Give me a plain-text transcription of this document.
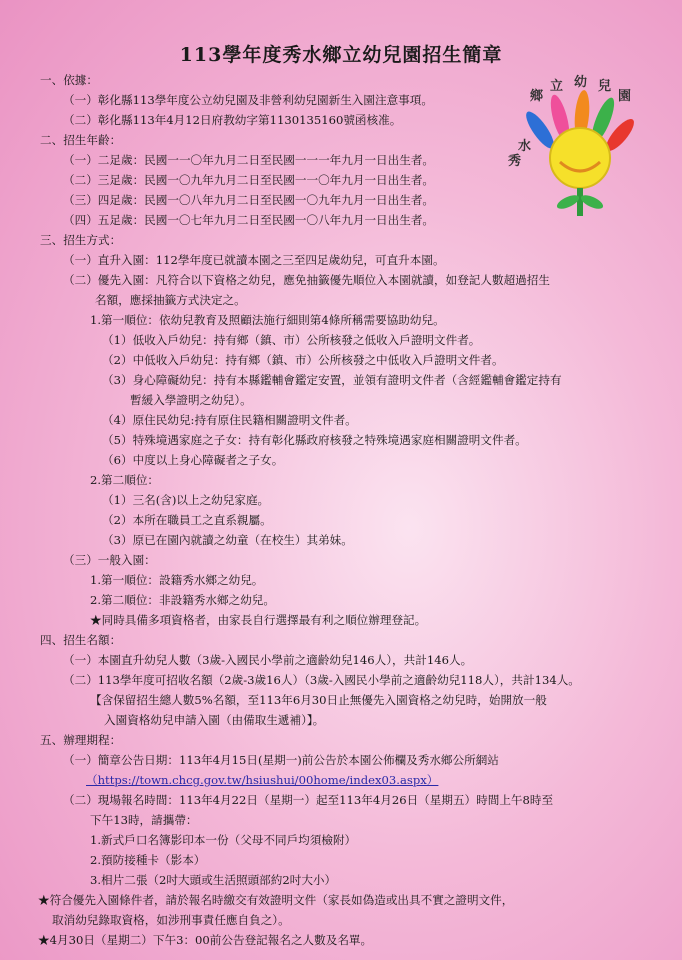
113學年度秀水鄉立幼兒園招生簡章
秀
水
鄉
立 幼 兒
園
一、依據：
（一）彰化縣113學年度公立幼兒園及非營利幼兒園新生入園注意事項。
（二）彰化縣113年4月12日府教幼字第1130135160號函核准。
二、招生年齡：
（一）二足歲：民國一一〇年九月二日至民國一一一年九月一日出生者。
（二）三足歲：民國一〇九年九月二日至民國一一〇年九月一日出生者。
（三）四足歲：民國一〇八年九月二日至民國一〇九年九月一日出生者。
（四）五足歲：民國一〇七年九月二日至民國一〇八年九月一日出生者。
三、招生方式：
（一）直升入園：112學年度已就讀本園之三至四足歲幼兒，可直升本園。
（二）優先入園：凡符合以下資格之幼兒，應免抽籤優先順位入本園就讀，如登記人數超過招生
名額，應採抽籤方式決定之。
1.第一順位：依幼兒教育及照顧法施行細則第4條所稱需要協助幼兒。
（1）低收入戶幼兒：持有鄉（鎮、市）公所核發之低收入戶證明文件者。
（2）中低收入戶幼兒：持有鄉（鎮、市）公所核發之中低收入戶證明文件者。
（3）身心障礙幼兒：持有本縣鑑輔會鑑定安置，並領有證明文件者（含經鑑輔會鑑定持有
暫緩入學證明之幼兒）。
（4）原住民幼兒:持有原住民籍相關證明文件者。
（5）特殊境遇家庭之子女：持有彰化縣政府核發之特殊境遇家庭相關證明文件者。
（6）中度以上身心障礙者之子女。
2.第二順位：
（1）三名(含)以上之幼兒家庭。
（2）本所在職員工之直系親屬。
（3）原已在園內就讀之幼童（在校生）其弟妹。
（三）一般入園：
1.第一順位：設籍秀水鄉之幼兒。
2.第二順位：非設籍秀水鄉之幼兒。
★同時具備多項資格者，由家長自行選擇最有利之順位辦理登記。
四、招生名額：
（一）本園直升幼兒人數（3歲-入國民小學前之適齡幼兒146人），共計146人。
（二）113學年度可招收名額（2歲-3歲16人）（3歲-入國民小學前之適齡幼兒118人），共計134人。
【含保留招生總人數5%名額，至113年6月30日止無優先入園資格之幼兒時，始開放一般
入園資格幼兒申請入園（由備取生遞補）】。
五、辦理期程：
（一）簡章公告日期：113年4月15日(星期一)前公告於本園公佈欄及秀水鄉公所網站
（https://town.chcg.gov.tw/hsiushui/00home/index03.aspx）
（二）現場報名時間：113年4月22日（星期一）起至113年4月26日（星期五）時間上午8時至
下午13時，請攜帶：
1.新式戶口名簿影印本一份（父母不同戶均須檢附）
2.預防接種卡（影本）
3.相片二張（2吋大頭或生活照頭部約2吋大小）
★符合優先入園條件者，請於報名時繳交有效證明文件（家長如偽造或出具不實之證明文件，
取消幼兒錄取資格，如涉刑事責任應自負之）。
★4月30日（星期二）下午3：00前公告登記報名之人數及名單。
